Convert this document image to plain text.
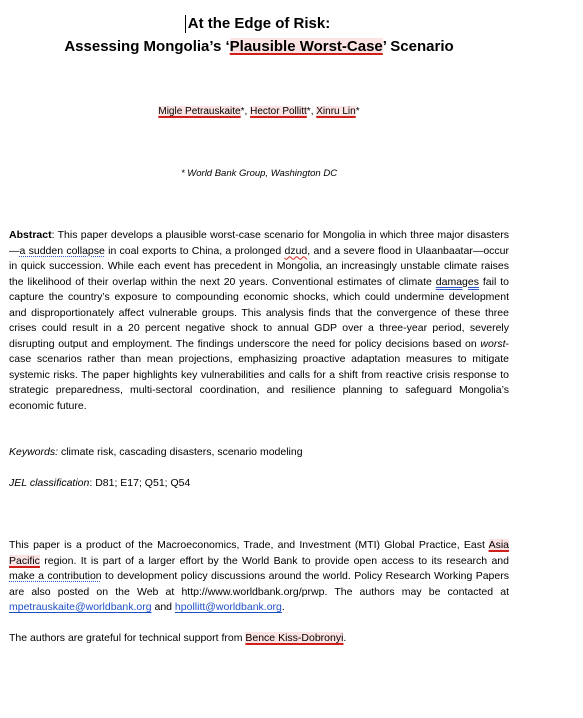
At the Edge of Risk:
Assessing Mongolia’s ‘Plausible Worst-Case’ Scenario
Migle Petrauskaite*, Hector Pollitt*, Xinru Lin*
* World Bank Group, Washington DC

Abstract: This paper develops a plausible worst-case scenario for Mongolia in which three major disasters—a sudden collapse in coal exports to China, a prolonged dzud, and a severe flood in Ulaanbaatar—occur in quick succession. While each event has precedent in Mongolia, an increasingly unstable climate raises the likelihood of their overlap within the next 20 years. Conventional estimates of climate damages fail to capture the country’s exposure to compounding economic shocks, which could undermine development and disproportionately affect vulnerable groups. This analysis finds that the convergence of these three crises could result in a 20 percent negative shock to annual GDP over a three-year period, severely disrupting output and employment. The findings underscore the need for policy decisions based on worst-case scenarios rather than mean projections, emphasizing proactive adaptation measures to mitigate systemic risks. The paper highlights key vulnerabilities and calls for a shift from reactive crisis response to strategic preparedness, multi-sectoral coordination, and resilience planning to safeguard Mongolia’s economic future.

Keywords: climate risk, cascading disasters, scenario modeling

JEL classification: D81; E17; Q51; Q54

This paper is a product of the Macroeconomics, Trade, and Investment (MTI) Global Practice, East Asia Pacific region. It is part of a larger effort by the World Bank to provide open access to its research and make a contribution to development policy discussions around the world. Policy Research Working Papers are also posted on the Web at http://www.worldbank.org/prwp. The authors may be contacted at mpetrauskaite@worldbank.org and hpollitt@worldbank.org.

The authors are grateful for technical support from Bence Kiss-Dobronyi.
